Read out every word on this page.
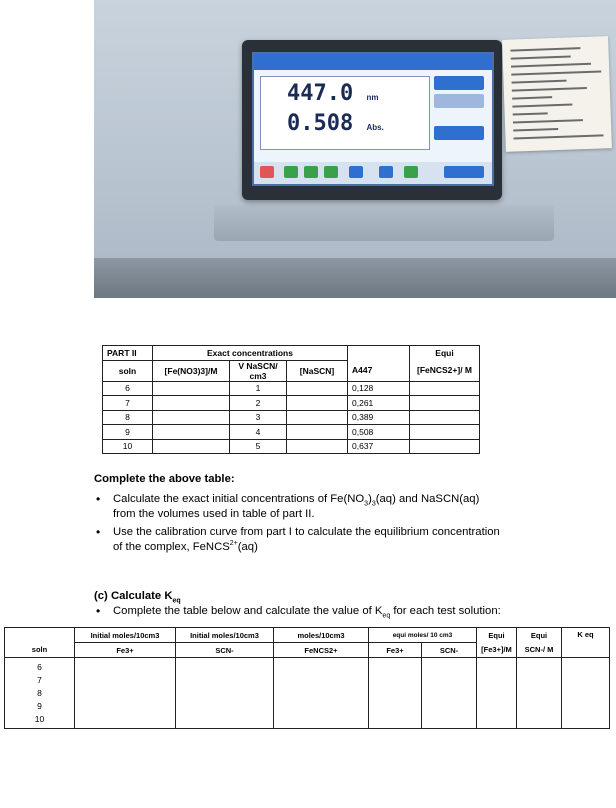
447.0 nm
0.508 Abs.
PART II	Exact concentrations				Equi
soln	[Fe(NO3)3]/M	V NaSCN/ cm3	[NaSCN]	A447	[FeNCS2+]/ M
6		1		0,128	
7		2		0,261	
8		3		0,389	
9		4		0,508	
10		5		0,637	
Complete the above table:
• Calculate the exact initial concentrations of $Fe(NO_3)_3(aq)$ and NaSCN(aq)
from the volumes used in table of part II.
• Use the calibration curve from part I to calculate the equilibrium concentration
of the complex, FeNCS$^{2+}$(aq)
(c) Calculate $K_{eq}$
• Complete the table below and calculate the value of $K_{eq}$ for each test solution:
	Initial moles/10cm3	Initial moles/10cm3	moles/10cm3	equi moles/ 10 cm3		Equi	Equi	K eq
soln	Fe3+	SCN-	FeNCS2+	Fe3+	SCN-	[Fe3+]/M	SCN-/ M	

6
7
8
9
10								
